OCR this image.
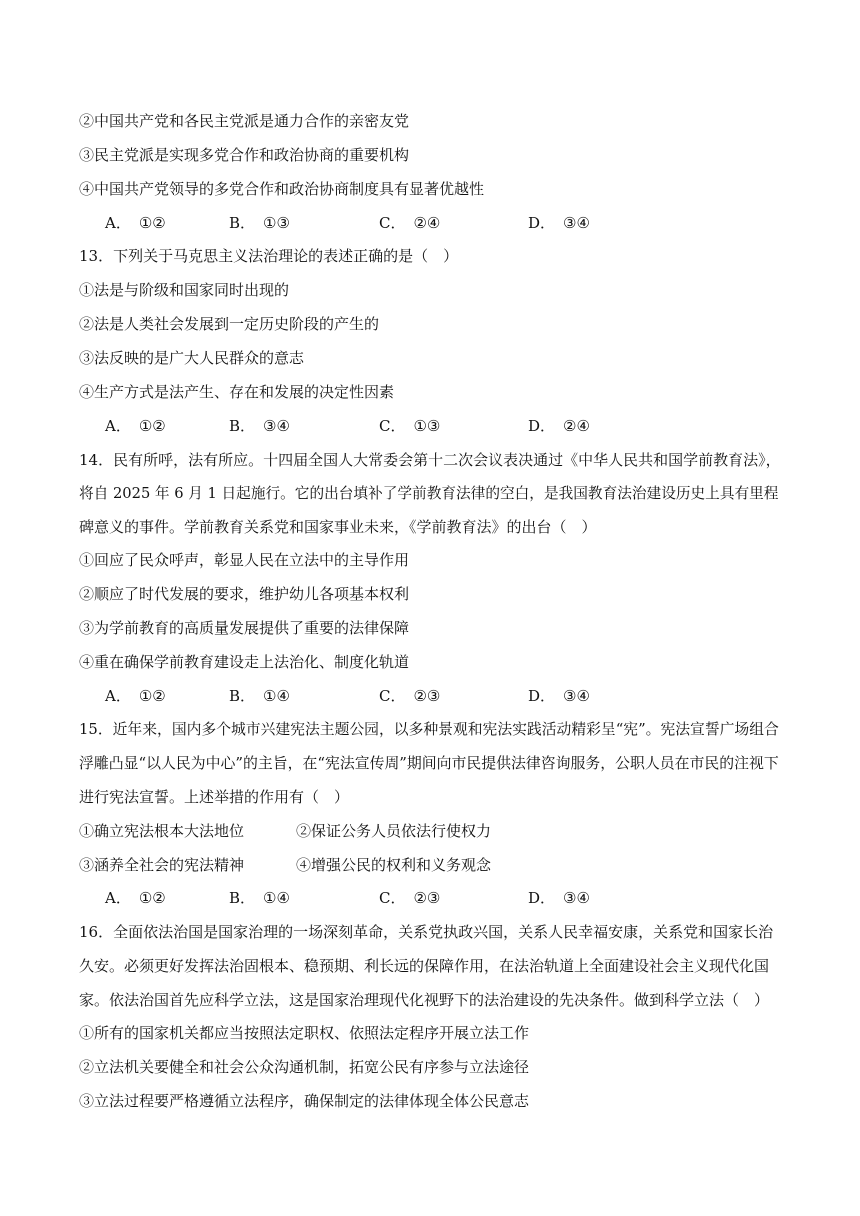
②中国共产党和各民主党派是通力合作的亲密友党
③民主党派是实现多党合作和政治协商的重要机构
④中国共产党领导的多党合作和政治协商制度具有显著优越性
A． ①②	B． ①③	C． ②④	D． ③④
13．下列关于马克思主义法治理论的表述正确的是（　）
①法是与阶级和国家同时出现的
②法是人类社会发展到一定历史阶段的产生的
③法反映的是广大人民群众的意志
④生产方式是法产生、存在和发展的决定性因素
A． ①②	B． ③④	C． ①③	D． ②④
14．民有所呼，法有所应。十四届全国人大常委会第十二次会议表决通过《中华人民共和国学前教育法》，
将自 2025 年 6 月 1 日起施行。它的出台填补了学前教育法律的空白，是我国教育法治建设历史上具有里程
碑意义的事件。学前教育关系党和国家事业未来，《学前教育法》的出台（　）
①回应了民众呼声，彰显人民在立法中的主导作用
②顺应了时代发展的要求，维护幼儿各项基本权利
③为学前教育的高质量发展提供了重要的法律保障
④重在确保学前教育建设走上法治化、制度化轨道
A． ①②	B． ①④	C． ②③	D． ③④
15．近年来，国内多个城市兴建宪法主题公园，以多种景观和宪法实践活动精彩呈“宪”。宪法宣誓广场组合
浮雕凸显“以人民为中心”的主旨，在“宪法宣传周”期间向市民提供法律咨询服务，公职人员在市民的注视下
进行宪法宣誓。上述举措的作用有（　）
①确立宪法根本大法地位	②保证公务人员依法行使权力
③涵养全社会的宪法精神	④增强公民的权利和义务观念
A． ①②	B． ①④	C． ②③	D． ③④
16．全面依法治国是国家治理的一场深刻革命，关系党执政兴国，关系人民幸福安康，关系党和国家长治
久安。必须更好发挥法治固根本、稳预期、利长远的保障作用，在法治轨道上全面建设社会主义现代化国
家。依法治国首先应科学立法，这是国家治理现代化视野下的法治建设的先决条件。做到科学立法（　）
①所有的国家机关都应当按照法定职权、依照法定程序开展立法工作
②立法机关要健全和社会公众沟通机制，拓宽公民有序参与立法途径
③立法过程要严格遵循立法程序，确保制定的法律体现全体公民意志
